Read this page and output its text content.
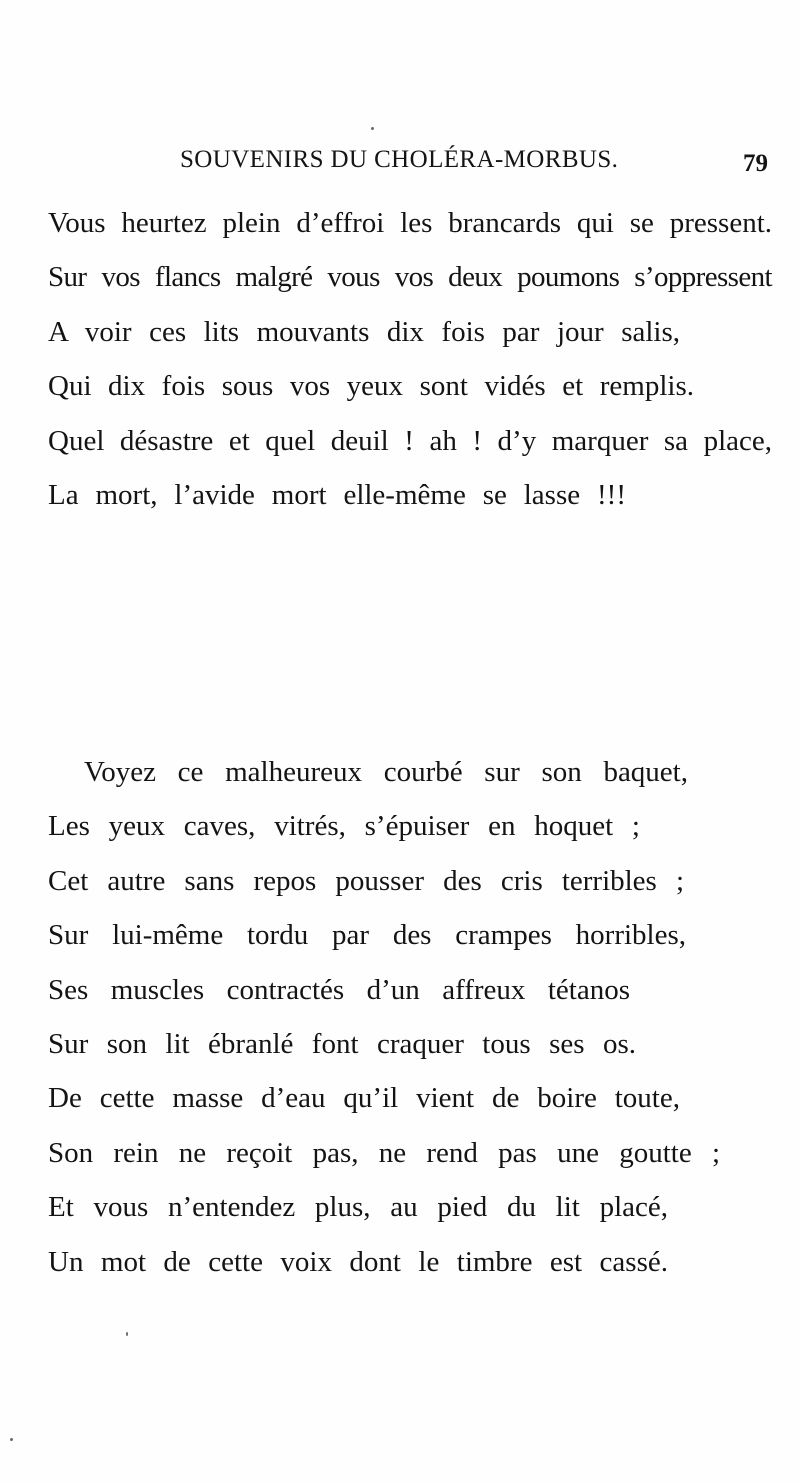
SOUVENIRS DU CHOLÉRA-MORBUS.	79
Vous heurtez plein d’effroi les brancards qui se pressent.
Sur vos flancs malgré vous vos deux poumons s’oppressent
A voir ces lits mouvants dix fois par jour salis,
Qui dix fois sous vos yeux sont vidés et remplis.
Quel désastre et quel deuil ! ah ! d’y marquer sa place,
La mort, l’avide mort elle-même se lasse !!!
Voyez ce malheureux courbé sur son baquet,
Les yeux caves, vitrés, s’épuiser en hoquet ;
Cet autre sans repos pousser des cris terribles ;
Sur lui-même tordu par des crampes horribles,
Ses muscles contractés d’un affreux tétanos
Sur son lit ébranlé font craquer tous ses os.
De cette masse d’eau qu’il vient de boire toute,
Son rein ne reçoit pas, ne rend pas une goutte ;
Et vous n’entendez plus, au pied du lit placé,
Un mot de cette voix dont le timbre est cassé.
